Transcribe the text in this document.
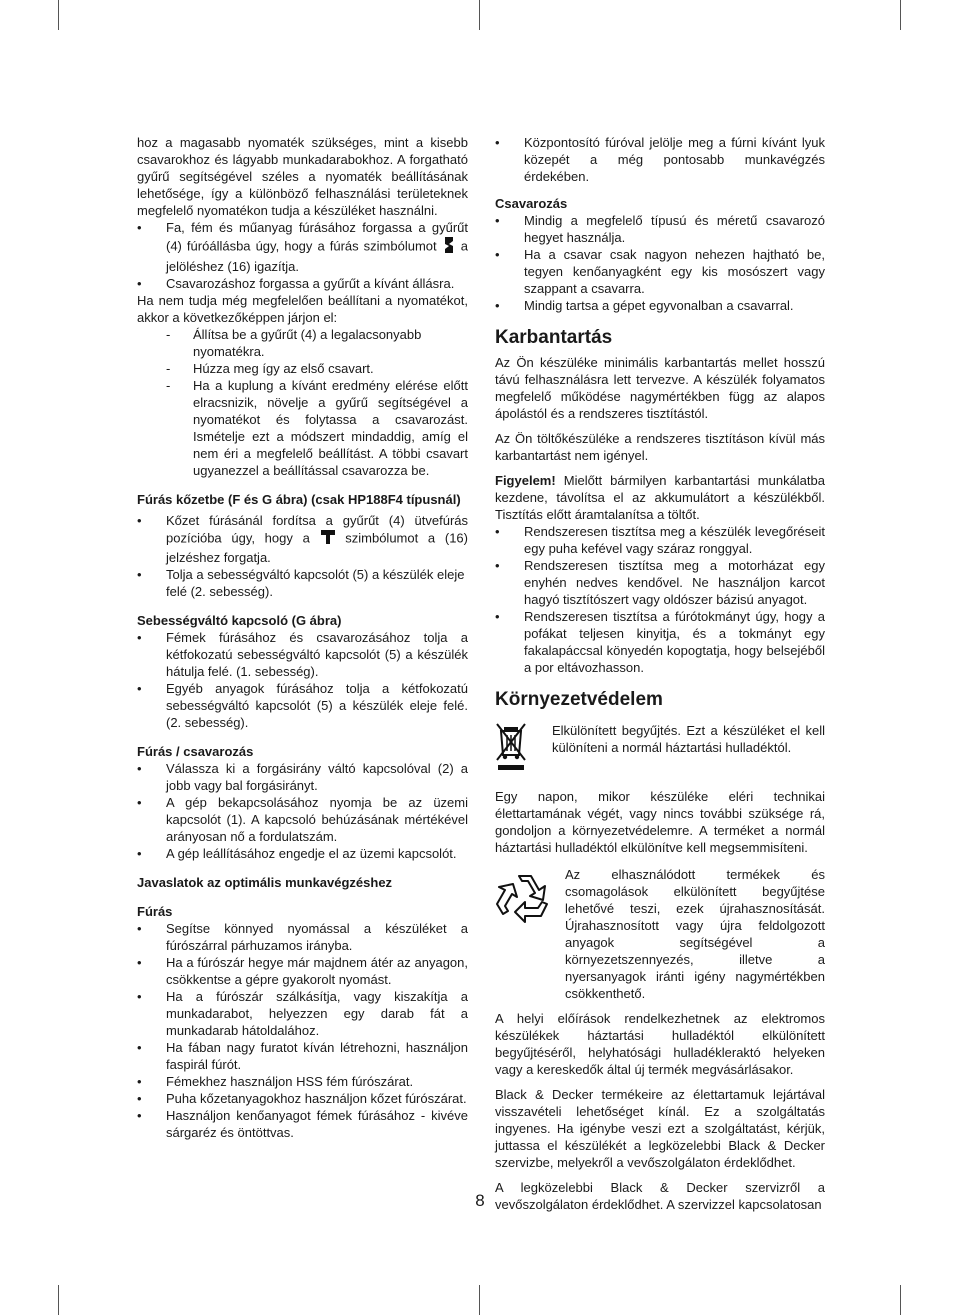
hoz a magasabb nyomaték szükséges, mint a kisebb csavarokhoz és lágyabb munkadarabokhoz. A forgatható gyűrű segítségével széles a nyomaték beállításának lehetősége, így a különböző felhasználási területeknek megfelelő nyomatékon tudja a készüléket használni.

• Fa, fém és műanyag fúrásához forgassa a gyűrűt (4) fúróállásba úgy, hogy a fúrás szimbólumot a jelöléshez (16) igazítja.

• Csavarozáshoz forgassa a gyűrűt a kívánt állásra.

Ha nem tudja még megfelelően beállítani a nyomatékot, akkor a következőképpen járjon el:

- Állítsa be a gyűrűt (4) a legalacsonyabb nyomatékra.

- Húzza meg így az első csavart.

- Ha a kuplung a kívánt eredmény elérése előtt elracsnizik, növelje a gyűrű segítségével a nyomatékot és folytassa a csavarozást. Ismételje ezt a módszert mindaddig, amíg el nem éri a megfelelő beállítást. A többi csavart ugyanezzel a beállítással csavarozza be.

Fúrás kőzetbe (F és G ábra) (csak HP188F4 típusnál)

• Kőzet fúrásánál fordítsa a gyűrűt (4) ütvefúrás pozícióba úgy, hogy a	szimbólumot a (16) jelzéshez forgatja.

• Tolja a sebességváltó kapcsolót (5) a készülék eleje felé (2. sebesség).

Sebességváltó kapcsoló (G ábra)

• Fémek fúrásához és csavarozásához tolja a kétfokozatú sebességváltó kapcsolót (5) a készülék hátulja felé. (1. sebesség).

• Egyéb anyagok fúrásához tolja a kétfokozatú sebességváltó kapcsolót (5) a készülék eleje felé. (2. sebesség).

Fúrás / csavarozás

• Válassza ki a forgásirány váltó kapcsolóval (2) a jobb vagy bal forgásirányt.

• A gép bekapcsolásához nyomja be az üzemi kapcsolót (1). A kapcsoló behúzásának mértékével arányosan nő a fordulatszám.

• A gép leállításához engedje el az üzemi kapcsolót.

Javaslatok az optimális munkavégzéshez

Fúrás

• Segítse könnyed nyomással a készüléket a fúrószárral párhuzamos irányba.

• Ha a fúrószár hegye már majdnem átér az anyagon, csökkentse a gépre gyakorolt nyomást.

• Ha a fúrószár szálkásítja, vagy kiszakítja a munkadarabot, helyezzen egy darab fát a munkadarab hátoldalához.

• Ha fában nagy furatot kíván létrehozni, használjon faspirál fúrót.

• Fémekhez használjon HSS fém fúrószárat.

• Puha kőzetanyagokhoz használjon kőzet fúrószárat.

• Használjon kenőanyagot fémek fúrásához - kivéve sárgaréz és öntöttvas.

• Központosító fúróval jelölje meg a fúrni kívánt lyuk közepét a még pontosabb munkavégzés érdekében.

Csavarozás

• Mindig a megfelelő típusú és méretű csavarozó hegyet használja.

• Ha a csavar csak nagyon nehezen hajtható be, tegyen kenőanyagként egy kis mosószert vagy szappant a csavarra.

• Mindig tartsa a gépet egyvonalban a csavarral.

Karbantartás

Az Ön készüléke minimális karbantartás mellet hosszú távú felhasználásra lett tervezve. A készülék folyamatos megfelelő működése nagymértékben függ az alapos ápolástól és a rendszeres tisztítástól.

Az Ön töltőkészüléke a rendszeres tisztításon kívül más karbantartást nem igényel.

Figyelem! Mielőtt bármilyen karbantartási munkálatba kezdene, távolítsa el az akkumulátort a készülékből. Tisztítás előtt áramtalanítsa a töltőt.

• Rendszeresen tisztítsa meg a készülék levegőréseit egy puha kefével vagy száraz ronggyal.

• Rendszeresen tisztítsa meg a motorházat egy enyhén nedves kendővel. Ne használjon karcot hagyó tisztítószert vagy oldószer bázisú anyagot.

• Rendszeresen tisztítsa a fúrótokmányt úgy, hogy a pofákat teljesen kinyitja, és a tokmányt egy fakalapáccsal könyedén kopogtatja, hogy belsejéből a por eltávozhasson.

Környezetvédelem

Elkülönített begyűjtés. Ezt a készüléket el kell különíteni a normál háztartási hulladéktól.

Egy napon, mikor készüléke eléri technikai élettartamának végét, vagy nincs további szüksége rá, gondoljon a környezetvédelemre. A terméket a normál háztartási hulladéktól elkülönítve kell megsemmisíteni.

Az elhasználódott termékek és csomagolások elkülönített begyűjtése lehetővé teszi, ezek újrahasznosítását. Újrahasznosított vagy újra feldolgozott anyagok segítségével a környezetszennyezés, illetve a nyersanyagok iránti igény nagymértékben csökkenthető.

A helyi előírások rendelkezhetnek az elektromos készülékek háztartási hulladéktól elkülönített begyűjtéséről, helyhatósági hulladékleraktó helyeken vagy a kereskedők által új termék megvásárlásakor.

Black & Decker termékeire az élettartamuk lejártával visszavételi lehetőséget kínál. Ez a szolgáltatás ingyenes. Ha igénybe veszi ezt a szolgáltatást, kérjük, juttassa el készülékét a legközelebbi Black & Decker szervizbe, melyekről a vevőszolgálaton érdeklődhet.

A legközelebbi Black & Decker szervizről a vevőszolgálaton érdeklődhet. A szervizzel kapcsolatosan

8
